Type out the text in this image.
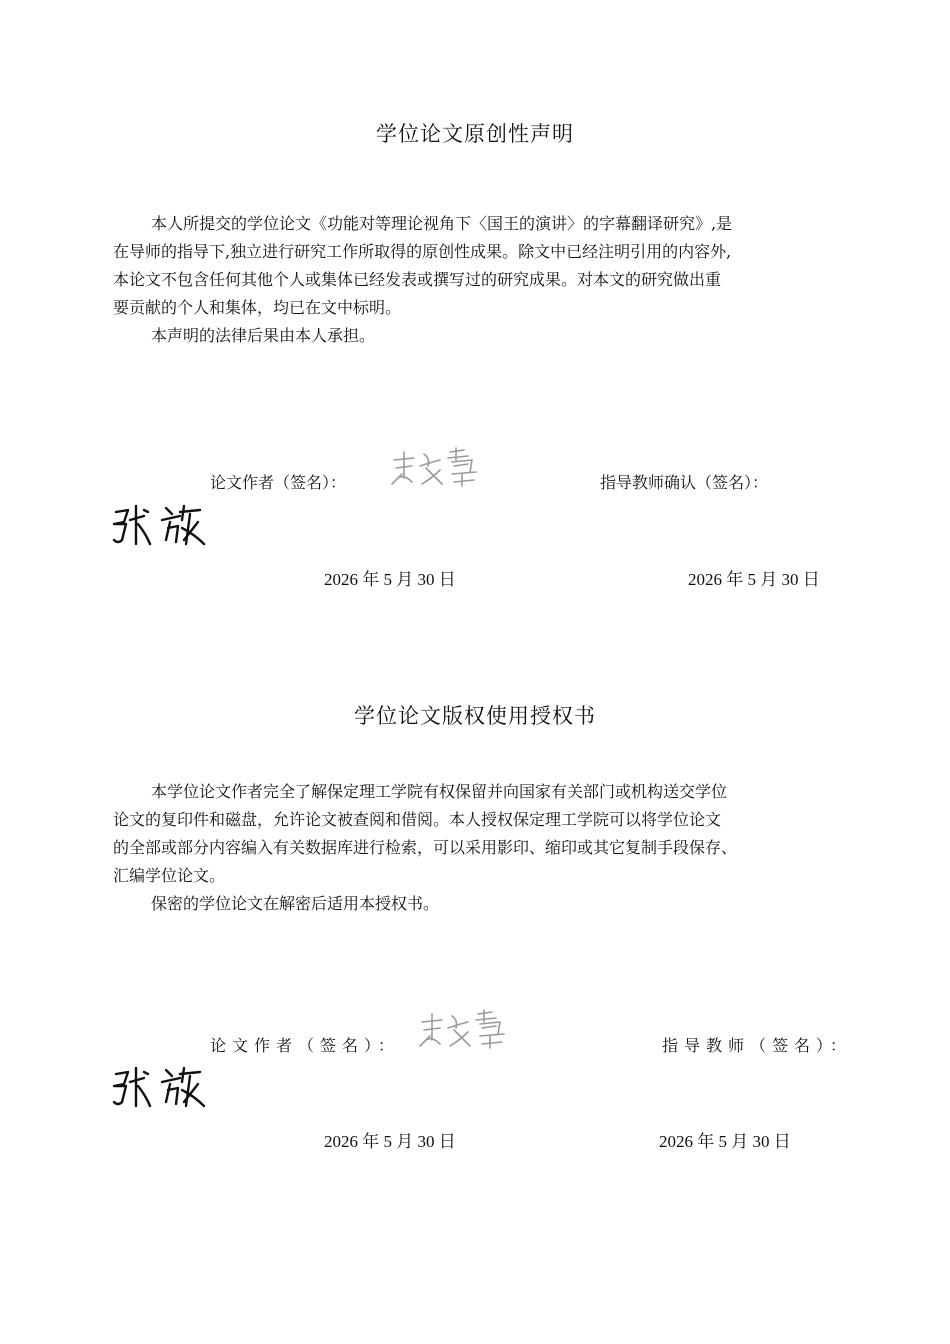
学位论文原创性声明

本人所提交的学位论文《功能对等理论视角下〈国王的演讲〉的字幕翻译研究》,是
在导师的指导下,独立进行研究工作所取得的原创性成果。除文中已经注明引用的内容外,
本论文不包含任何其他个人或集体已经发表或撰写过的研究成果。对本文的研究做出重
要贡献的个人和集体，均已在文中标明。
本声明的法律后果由本人承担。

论文作者（签名）：	指导教师确认（签名）：
2026 年 5 月 30 日	2026 年 5 月 30 日
学位论文版权使用授权书

本学位论文作者完全了解保定理工学院有权保留并向国家有关部门或机构送交学位
论文的复印件和磁盘，允许论文被查阅和借阅。本人授权保定理工学院可以将学位论文
的全部或部分内容编入有关数据库进行检索，可以采用影印、缩印或其它复制手段保存、
汇编学位论文。
保密的学位论文在解密后适用本授权书。

论文作者（签名）：	指导教师（签名）：
2026 年 5 月 30 日	2026 年 5 月 30 日
